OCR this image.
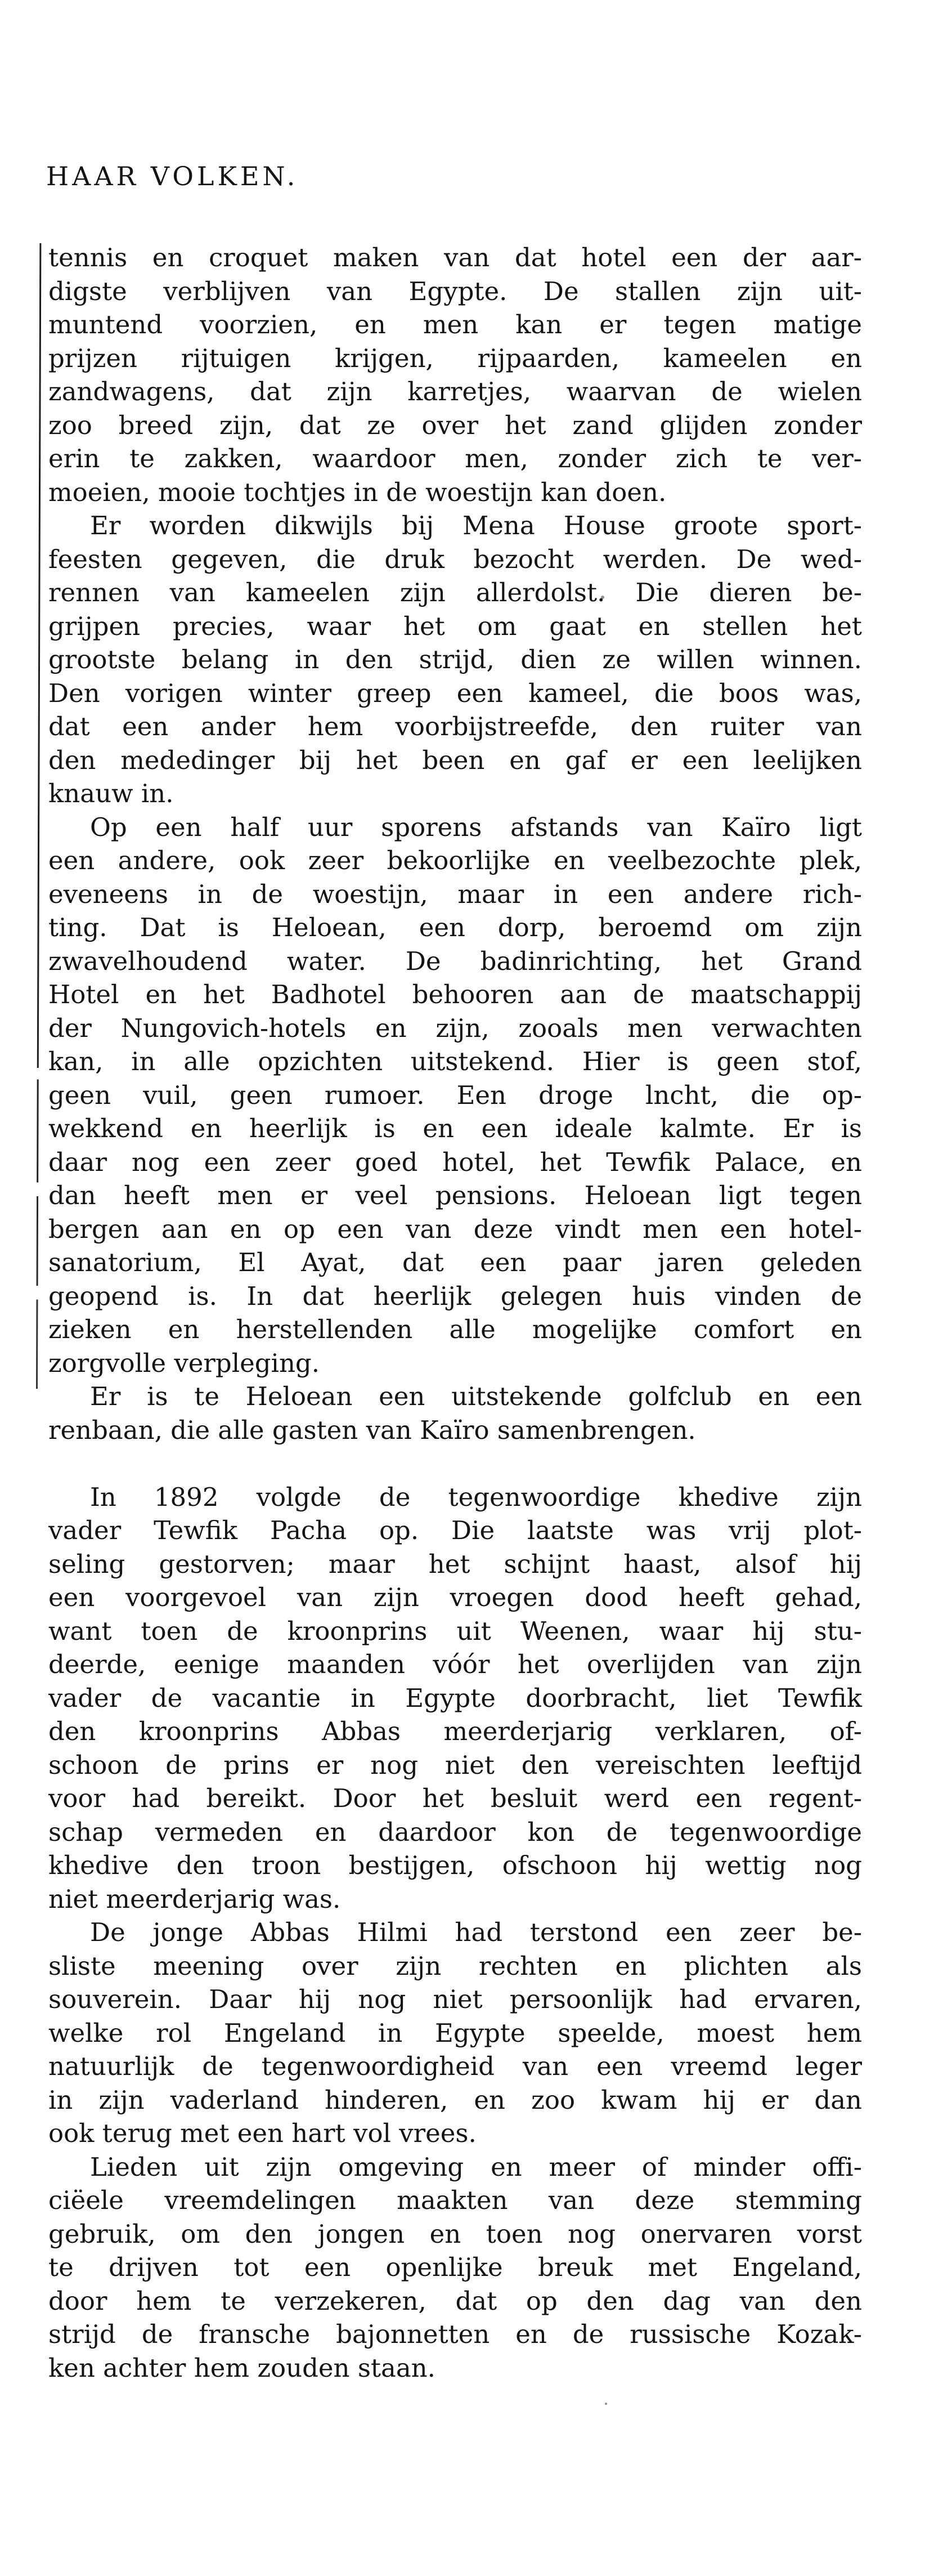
HAAR VOLKEN.
tennis en croquet maken van dat hotel een der aar-
digste verblijven van Egypte. De stallen zijn uit-
muntend voorzien, en men kan er tegen matige
prijzen rijtuigen krijgen, rijpaarden, kameelen en
zandwagens, dat zijn karretjes, waarvan de wielen
zoo breed zijn, dat ze over het zand glijden zonder
erin te zakken, waardoor men, zonder zich te ver-
moeien, mooie tochtjes in de woestijn kan doen.
Er worden dikwijls bij Mena House groote sport-
feesten gegeven, die druk bezocht werden. De wed-
rennen van kameelen zijn allerdolst. Die dieren be-
grijpen precies, waar het om gaat en stellen het
grootste belang in den strijd, dien ze willen winnen.
Den vorigen winter greep een kameel, die boos was,
dat een ander hem voorbijstreefde, den ruiter van
den mededinger bij het been en gaf er een leelijken
knauw in.
Op een half uur sporens afstands van Kaïro ligt
een andere, ook zeer bekoorlijke en veelbezochte plek,
eveneens in de woestijn, maar in een andere rich-
ting. Dat is Heloean, een dorp, beroemd om zijn
zwavelhoudend water. De badinrichting, het Grand
Hotel en het Badhotel behooren aan de maatschappij
der Nungovich-hotels en zijn, zooals men verwachten
kan, in alle opzichten uitstekend. Hier is geen stof,
geen vuil, geen rumoer. Een droge lncht, die op-
wekkend en heerlijk is en een ideale kalmte. Er is
daar nog een zeer goed hotel, het Tewfik Palace, en
dan heeft men er veel pensions. Heloean ligt tegen
bergen aan en op een van deze vindt men een hotel-
sanatorium, El Ayat, dat een paar jaren geleden
geopend is. In dat heerlijk gelegen huis vinden de
zieken en herstellenden alle mogelijke comfort en
zorgvolle verpleging.
Er is te Heloean een uitstekende golfclub en een
renbaan, die alle gasten van Kaïro samenbrengen.
In 1892 volgde de tegenwoordige khedive zijn
vader Tewfik Pacha op. Die laatste was vrij plot-
seling gestorven; maar het schijnt haast, alsof hij
een voorgevoel van zijn vroegen dood heeft gehad,
want toen de kroonprins uit Weenen, waar hij stu-
deerde, eenige maanden vóór het overlijden van zijn
vader de vacantie in Egypte doorbracht, liet Tewfik
den kroonprins Abbas meerderjarig verklaren, of-
schoon de prins er nog niet den vereischten leeftijd
voor had bereikt. Door het besluit werd een regent-
schap vermeden en daardoor kon de tegenwoordige
khedive den troon bestijgen, ofschoon hij wettig nog
niet meerderjarig was.
De jonge Abbas Hilmi had terstond een zeer be-
sliste meening over zijn rechten en plichten als
souverein. Daar hij nog niet persoonlijk had ervaren,
welke rol Engeland in Egypte speelde, moest hem
natuurlijk de tegenwoordigheid van een vreemd leger
in zijn vaderland hinderen, en zoo kwam hij er dan
ook terug met een hart vol vrees.
Lieden uit zijn omgeving en meer of minder offi-
ciëele vreemdelingen maakten van deze stemming
gebruik, om den jongen en toen nog onervaren vorst
te drijven tot een openlijke breuk met Engeland,
door hem te verzekeren, dat op den dag van den
strijd de fransche bajonnetten en de russische Kozak-
ken achter hem zouden staan.
